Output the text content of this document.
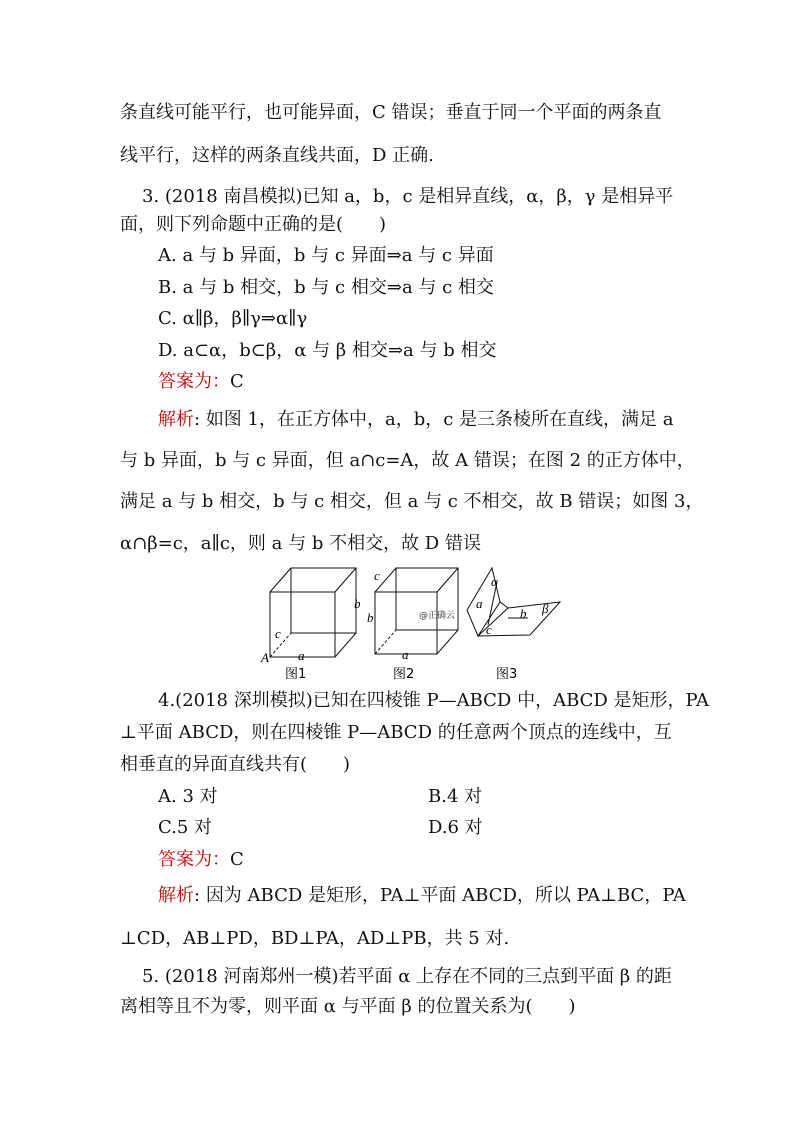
条直线可能平行，也可能异面，C 错误；垂直于同一个平面的两条直
线平行，这样的两条直线共面，D 正确.
3. (2018 南昌模拟)已知 a，b，c 是相异直线，α，β，γ 是相异平
面，则下列命题中正确的是(　　)
A. a 与 b 异面，b 与 c 异面⇒a 与 c 异面
B. a 与 b 相交，b 与 c 相交⇒a 与 c 相交
C. α∥β，β∥γ⇒α∥γ
D. a⊂α，b⊂β，α 与 β 相交⇒a 与 b 相交
答案为：C
解析: 如图 1，在正方体中，a，b，c 是三条棱所在直线，满足 a
与 b 异面，b 与 c 异面，但 a∩c=A，故 A 错误；在图 2 的正方体中，
满足 a 与 b 相交，b 与 c 相交，但 a 与 c 不相交，故 B 错误；如图 3，
α∩β=c，a∥c，则 a 与 b 不相交，故 D 错误
b
c
A a
图1
c
b
a
@正确云
图2
α
a
b β
c
图3
4.(2018 深圳模拟)已知在四棱锥 P—ABCD 中，ABCD 是矩形，PA
⊥平面 ABCD，则在四棱锥 P—ABCD 的任意两个顶点的连线中，互
相垂直的异面直线共有(　　)
A. 3 对	B.4 对
C.5 对	D.6 对
答案为：C
解析: 因为 ABCD 是矩形，PA⊥平面 ABCD，所以 PA⊥BC，PA
⊥CD，AB⊥PD，BD⊥PA，AD⊥PB，共 5 对.
5. (2018 河南郑州一模)若平面 α 上存在不同的三点到平面 β 的距
离相等且不为零，则平面 α 与平面 β 的位置关系为(　　)
